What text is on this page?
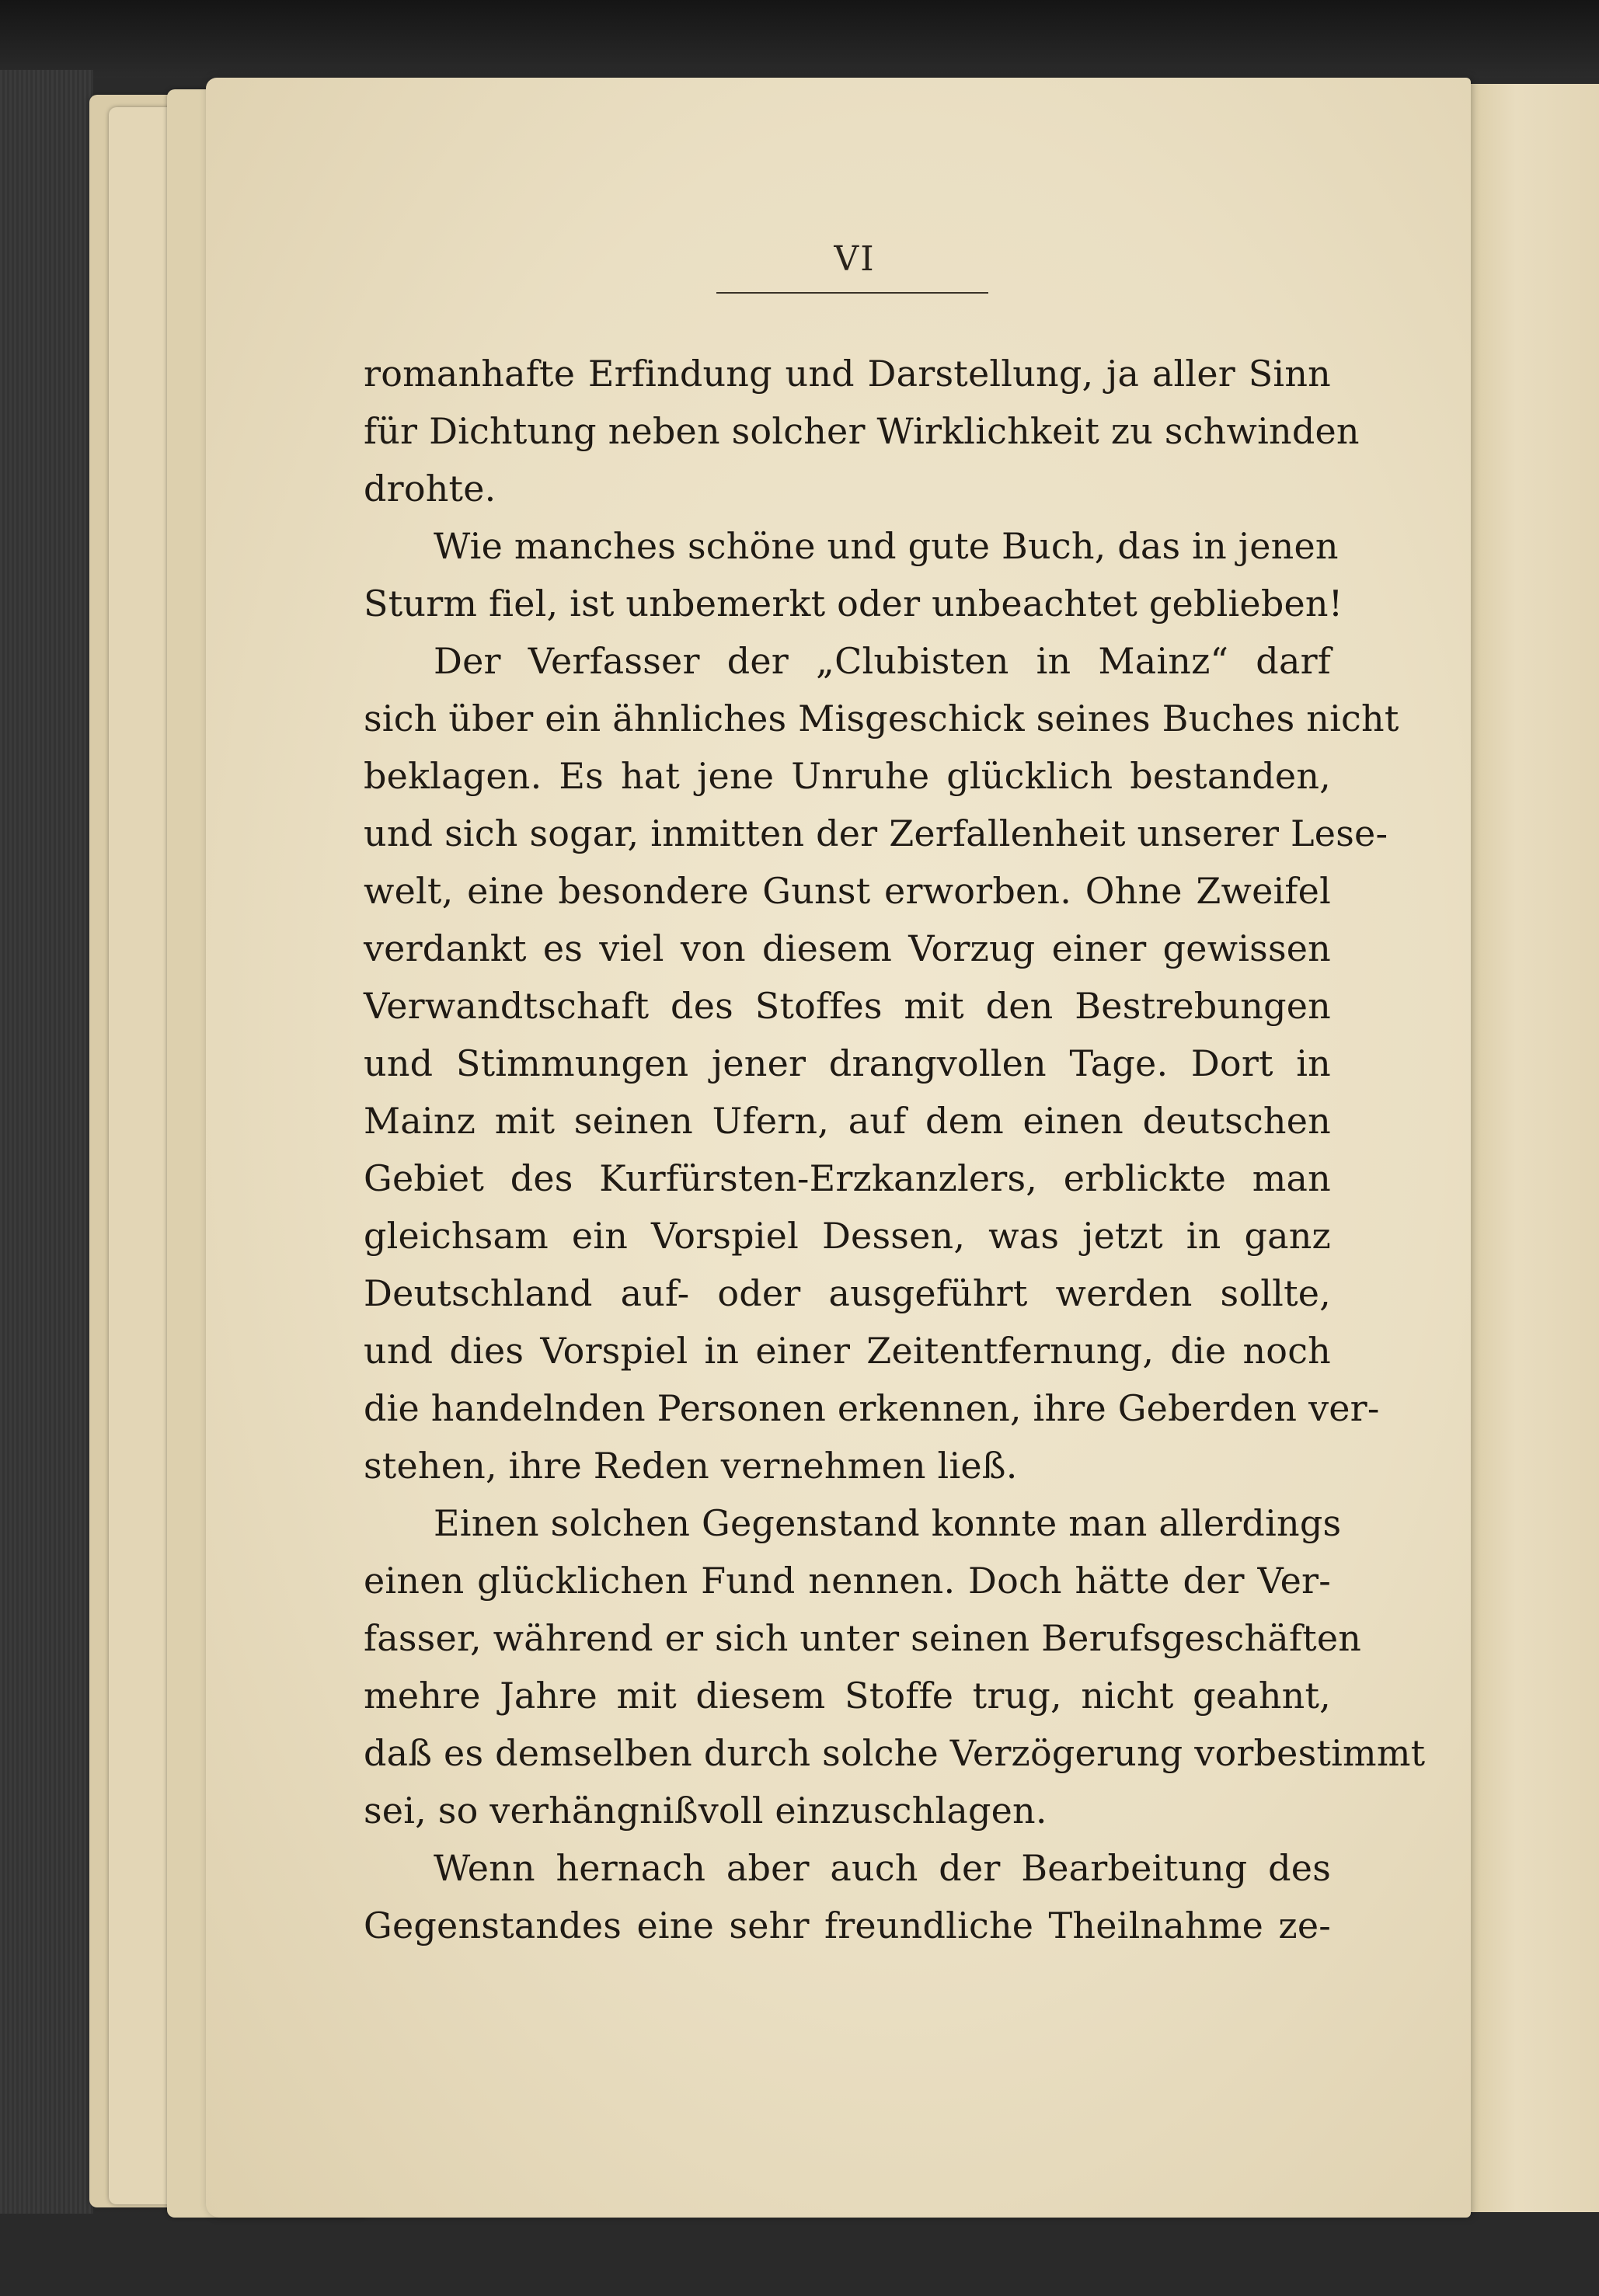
VI
romanhafte Erfindung und Darstellung, ja aller Sinn
für Dichtung neben solcher Wirklichkeit zu schwinden
drohte.
Wie manches schöne und gute Buch, das in jenen
Sturm fiel, ist unbemerkt oder unbeachtet geblieben!
Der Verfasser der „Clubisten in Mainz“ darf
sich über ein ähnliches Misgeschick seines Buches nicht
beklagen. Es hat jene Unruhe glücklich bestanden,
und sich sogar, inmitten der Zerfallenheit unserer Lese-
welt, eine besondere Gunst erworben. Ohne Zweifel
verdankt es viel von diesem Vorzug einer gewissen
Verwandtschaft des Stoffes mit den Bestrebungen
und Stimmungen jener drangvollen Tage. Dort in
Mainz mit seinen Ufern, auf dem einen deutschen
Gebiet des Kurfürsten-Erzkanzlers, erblickte man
gleichsam ein Vorspiel Dessen, was jetzt in ganz
Deutschland auf- oder ausgeführt werden sollte,
und dies Vorspiel in einer Zeitentfernung, die noch
die handelnden Personen erkennen, ihre Geberden ver-
stehen, ihre Reden vernehmen ließ.
Einen solchen Gegenstand konnte man allerdings
einen glücklichen Fund nennen. Doch hätte der Ver-
fasser, während er sich unter seinen Berufsgeschäften
mehre Jahre mit diesem Stoffe trug, nicht geahnt,
daß es demselben durch solche Verzögerung vorbestimmt
sei, so verhängnißvoll einzuschlagen.
Wenn hernach aber auch der Bearbeitung des
Gegenstandes eine sehr freundliche Theilnahme ze-
